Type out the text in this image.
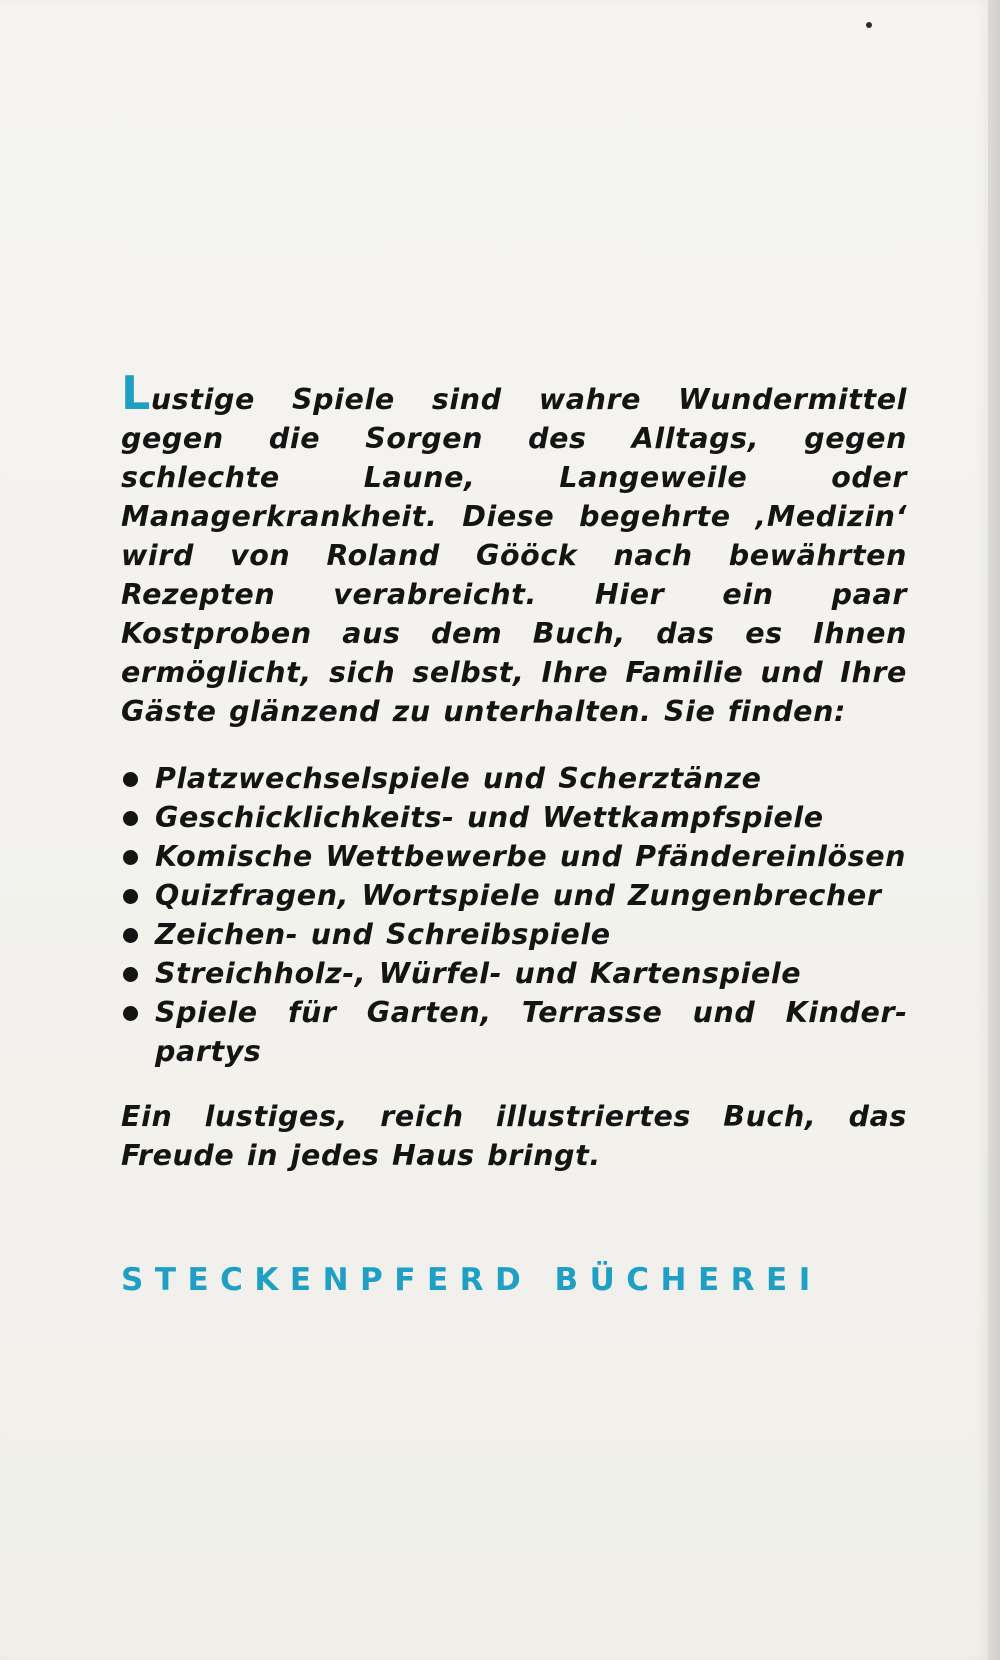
Lustige Spiele sind wahre Wundermittel gegen die Sorgen des Alltags, gegen schlechte Laune, Langeweile oder Managerkrankheit. Diese begehrte ‚Medizin‘ wird von Roland Gööck nach bewährten Rezepten verabreicht. Hier ein paar Kostproben aus dem Buch, das es Ihnen ermöglicht, sich selbst, Ihre Familie und Ihre Gäste glänzend zu unterhalten. Sie finden:

Platzwechselspiele und Scherztänze
Geschicklichkeits- und Wettkampfspiele
Komische Wettbewerbe und Pfändereinlösen
Quizfragen, Wortspiele und Zungenbrecher
Zeichen- und Schreibspiele
Streichholz-, Würfel- und Kartenspiele
Spiele für Garten, Terrasse und Kinderpartys

Ein lustiges, reich illustriertes Buch, das Freude in jedes Haus bringt.

STECKENPFERD BÜCHEREI
